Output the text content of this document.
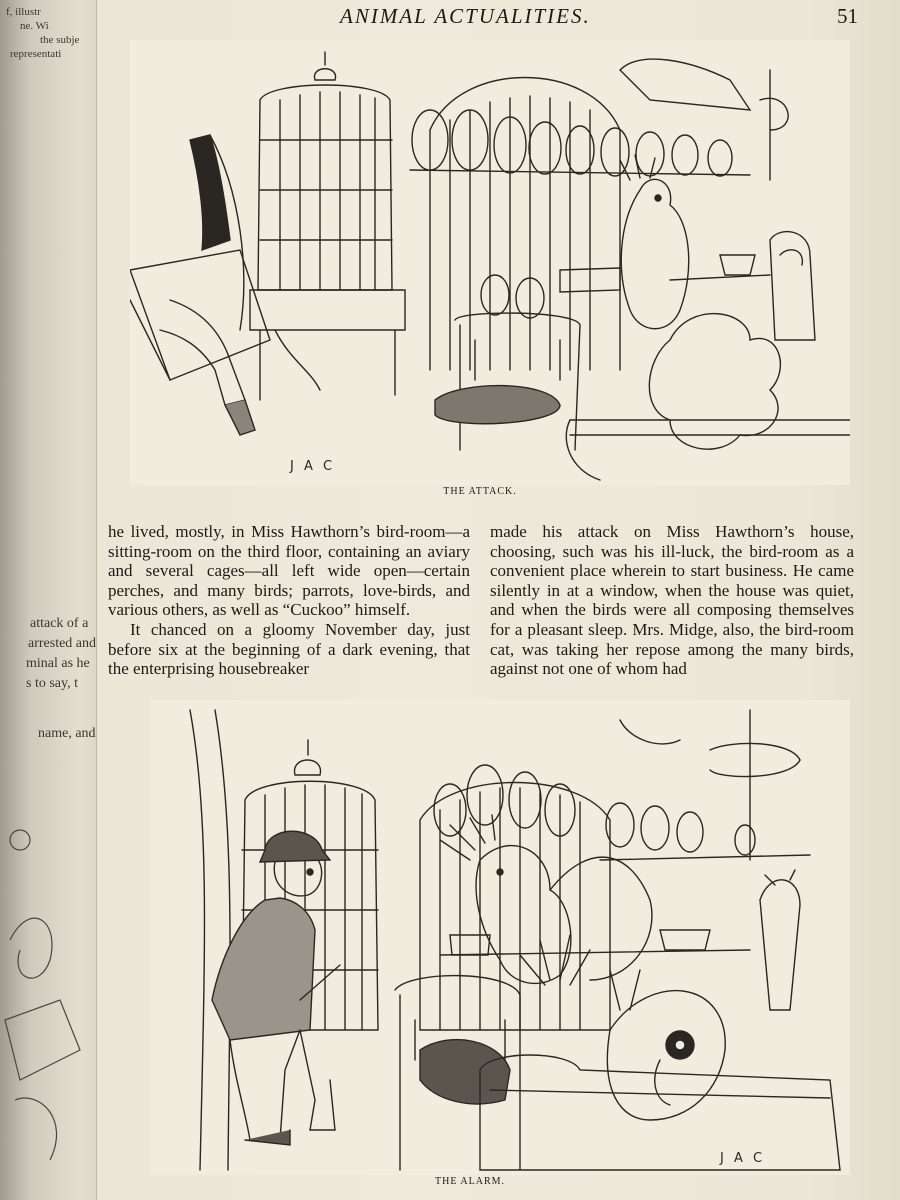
f, illustr
ne. Wi
the subje
representati
attack of a
arrested and
minal as he
s to say, t
name, and
ANIMAL ACTUALITIES.	51
J A C
THE ATTACK.

he lived, mostly, in Miss Hawthorn’s bird-room—a sitting-room on the third floor, containing an aviary and several cages—all left wide open—certain perches, and many birds; parrots, love-birds, and various others, as well as “Cuckoo” himself.

It chanced on a gloomy November day, just before six at the beginning of a dark evening, that the enterprising housebreaker

made his attack on Miss Hawthorn’s house, choosing, such was his ill-luck, the bird-room as a convenient place wherein to start business. He came silently in at a window, when the house was quiet, and when the birds were all composing themselves for a pleasant sleep. Mrs. Midge, also, the bird-room cat, was taking her repose among the many birds, against not one of whom had

J A C
THE ALARM.
